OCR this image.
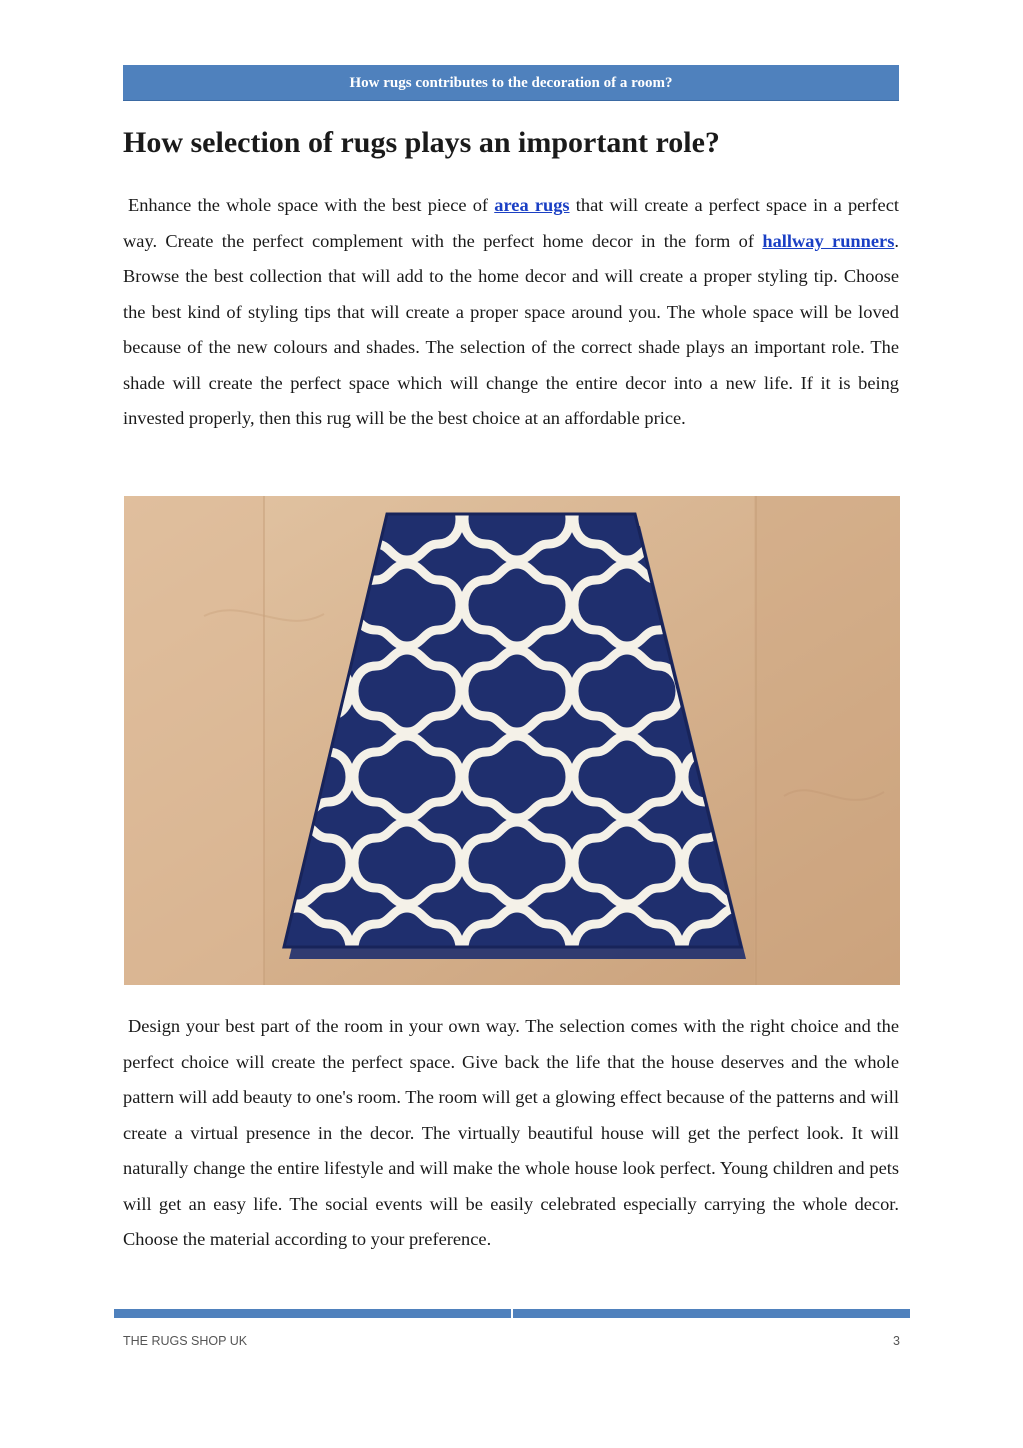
How rugs contributes to the decoration of a room?
How selection of rugs plays an important role?

Enhance the whole space with the best piece of area rugs that will create a perfect space in a perfect way. Create the perfect complement with the perfect home decor in the form of hallway runners. Browse the best collection that will add to the home decor and will create a proper styling tip. Choose the best kind of styling tips that will create a proper space around you. The whole space will be loved because of the new colours and shades. The selection of the correct shade plays an important role. The shade will create the perfect space which will change the entire decor into a new life. If it is being invested properly, then this rug will be the best choice at an affordable price.

Design your best part of the room in your own way. The selection comes with the right choice and the perfect choice will create the perfect space. Give back the life that the house deserves and the whole pattern will add beauty to one's room. The room will get a glowing effect because of the patterns and will create a virtual presence in the decor. The virtually beautiful house will get the perfect look. It will naturally change the entire lifestyle and will make the whole house look perfect. Young children and pets will get an easy life. The social events will be easily celebrated especially carrying the whole decor. Choose the material according to your preference.

THE RUGS SHOP UK	3
